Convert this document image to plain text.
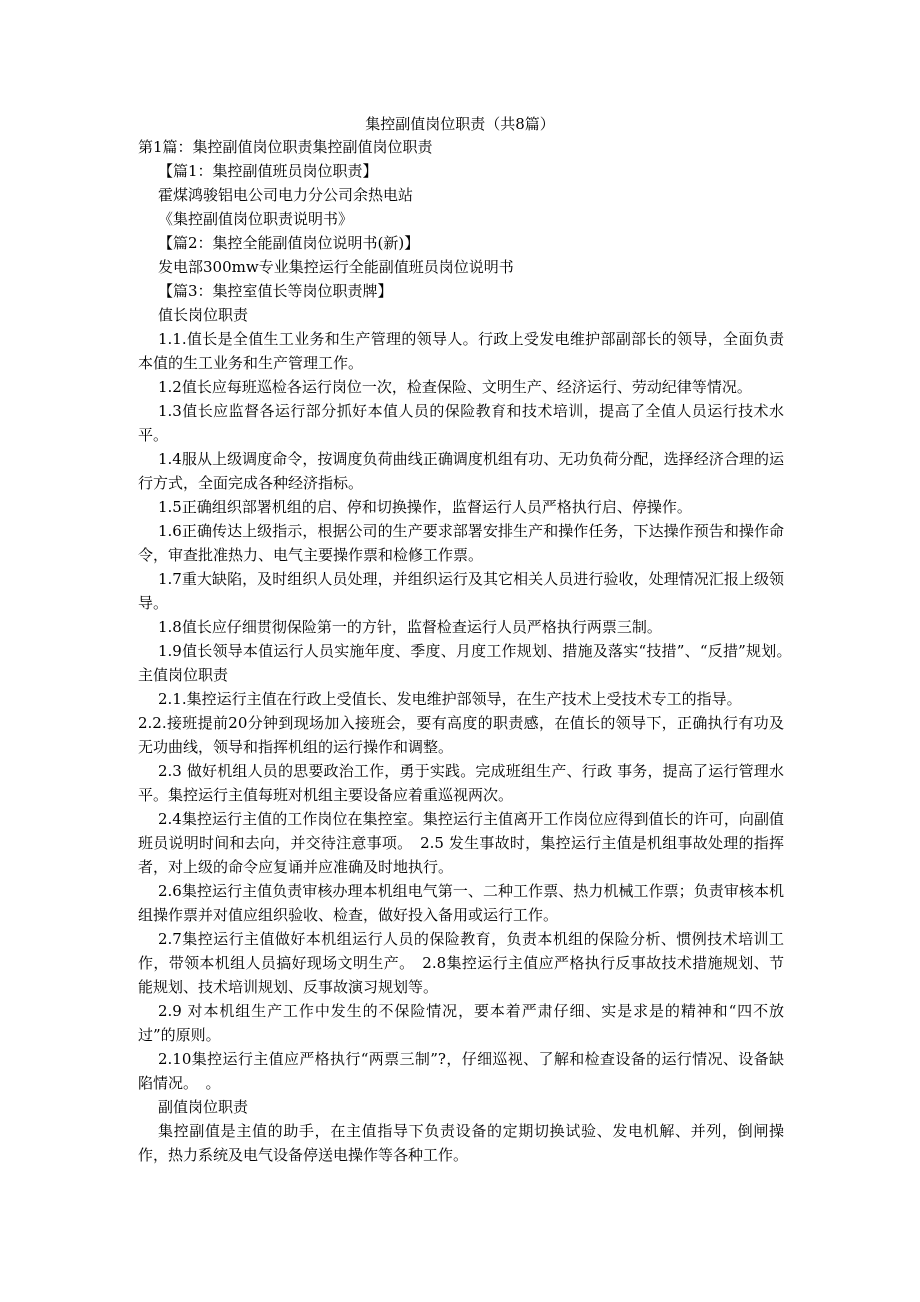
集控副值岗位职责（共8篇）
第1篇：集控副值岗位职责集控副值岗位职责
【篇1：集控副值班员岗位职责】
霍煤鸿骏铝电公司电力分公司余热电站
《集控副值岗位职责说明书》
【篇2：集控全能副值岗位说明书(新)】
发电部300mw专业集控运行全能副值班员岗位说明书
【篇3：集控室值长等岗位职责牌】
值长岗位职责
1.1.值长是全值生工业务和生产管理的领导人。行政上受发电维护部副部长的领导，全面负责本值的生工业务和生产管理工作。
1.2值长应每班巡检各运行岗位一次，检查保险、文明生产、经济运行、劳动纪律等情况。
1.3值长应监督各运行部分抓好本值人员的保险教育和技术培训，提高了全值人员运行技术水平。
1.4服从上级调度命令，按调度负荷曲线正确调度机组有功、无功负荷分配，选择经济合理的运行方式，全面完成各种经济指标。
1.5正确组织部署机组的启、停和切换操作，监督运行人员严格执行启、停操作。
1.6正确传达上级指示，根据公司的生产要求部署安排生产和操作任务，下达操作预告和操作命令，审查批准热力、电气主要操作票和检修工作票。
1.7重大缺陷，及时组织人员处理，并组织运行及其它相关人员进行验收，处理情况汇报上级领导。
1.8值长应仔细贯彻保险第一的方针，监督检查运行人员严格执行两票三制。
1.9值长领导本值运行人员实施年度、季度、月度工作规划、措施及落实“技措”、“反措”规划。　主值岗位职责
2.1.集控运行主值在行政上受值长、发电维护部领导，在生产技术上受技术专工的指导。
2.2.接班提前20分钟到现场加入接班会，要有高度的职责感，在值长的领导下，正确执行有功及无功曲线，领导和指挥机组的运行操作和调整。
2.3 做好机组人员的思要政治工作，勇于实践。完成班组生产、行政 事务，提高了运行管理水平。集控运行主值每班对机组主要设备应着重巡视两次。
2.4集控运行主值的工作岗位在集控室。集控运行主值离开工作岗位应得到值长的许可，向副值班员说明时间和去向，并交待注意事项。　2.5 发生事故时，集控运行主值是机组事故处理的指挥者，对上级的命令应复诵并应准确及时地执行。
2.6集控运行主值负责审核办理本机组电气第一、二种工作票、热力机械工作票；负责审核本机组操作票并对值应组织验收、检查，做好投入备用或运行工作。
2.7集控运行主值做好本机组运行人员的保险教育，负责本机组的保险分析、惯例技术培训工作，带领本机组人员搞好现场文明生产。　2.8集控运行主值应严格执行反事故技术措施规划、节能规划、技术培训规划、反事故演习规划等。
2.9 对本机组生产工作中发生的不保险情况，要本着严肃仔细、实是求是的精神和“四不放过”的原则。
2.10集控运行主值应严格执行“两票三制”?，仔细巡视、了解和检查设备的运行情况、设备缺陷情况。　。
副值岗位职责
集控副值是主值的助手，在主值指导下负责设备的定期切换试验、发电机解、并列，倒闸操作，热力系统及电气设备停送电操作等各种工作。
